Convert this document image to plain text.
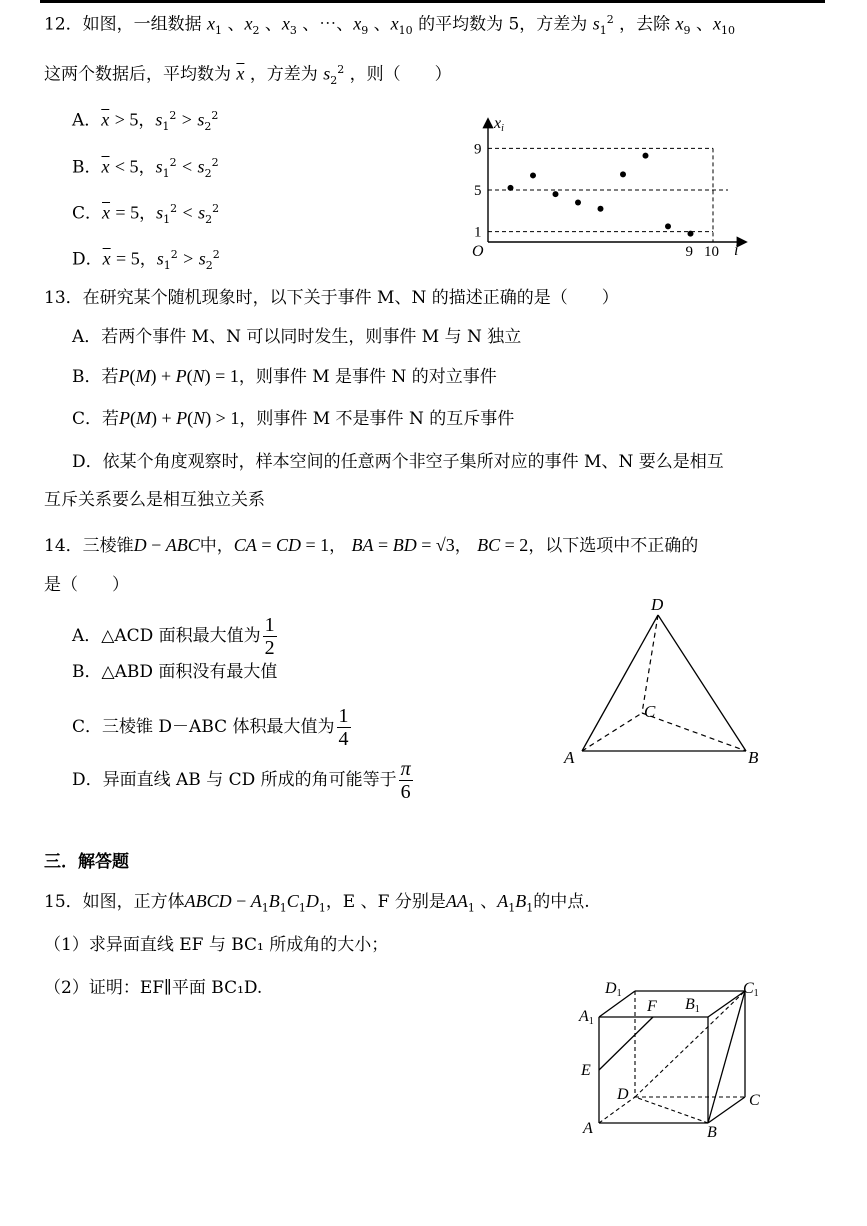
12．如图，一组数据 $x_1$ 、$x_2$ 、$x_3$ 、⋯、$x_9$ 、$x_{10}$ 的平均数为 5，方差为 $s_1^2$ ，去除 $x_9$ 、$x_{10}$
这两个数据后，平均数为 $\overline{x}$ ，方差为 $s_2^2$ ，则（　　）
A．$\overline{x} > 5$，$s_1^2 > s_2^2$
B．$\overline{x} < 5$，$s_1^2 < s_2^2$
C．$\overline{x} = 5$，$s_1^2 < s_2^2$
D．$\overline{x} = 5$，$s_1^2 > s_2^2$
xi
i
O
9
5
1
9 10
13．在研究某个随机现象时，以下关于事件 M、N 的描述正确的是（　　）
A．若两个事件 M、N 可以同时发生，则事件 M 与 N 独立
B．若P(M) + P(N) = 1，则事件 M 是事件 N 的对立事件
C．若P(M) + P(N) > 1，则事件 M 不是事件 N 的互斥事件
D．依某个角度观察时，样本空间的任意两个非空子集所对应的事件 M、N 要么是相互
互斥关系要么是相互独立关系
14．三棱锥D − ABC中，CA = CD = 1， BA = BD = √3， BC = 2，以下选项中不正确的
是（　　）
A．△ACD 面积最大值为 $\frac{1}{2}$
B．△ABD 面积没有最大值
C．三棱锥 D－ABC 体积最大值为 $\frac{1}{4}$
D．异面直线 AB 与 CD 所成的角可能等于 $\frac{\pi}{6}$
D
C
A	B
三．解答题
15．如图，正方体ABCD − $A_1B_1C_1D_1$，E 、F 分别是$AA_1$ 、$A_1B_1$的中点.
（1）求异面直线 EF 与 BC₁ 所成角的大小；
（2）证明：EF∥平面 BC₁D.	D1	C1
A1
B1
F
E
D	C
A	B
